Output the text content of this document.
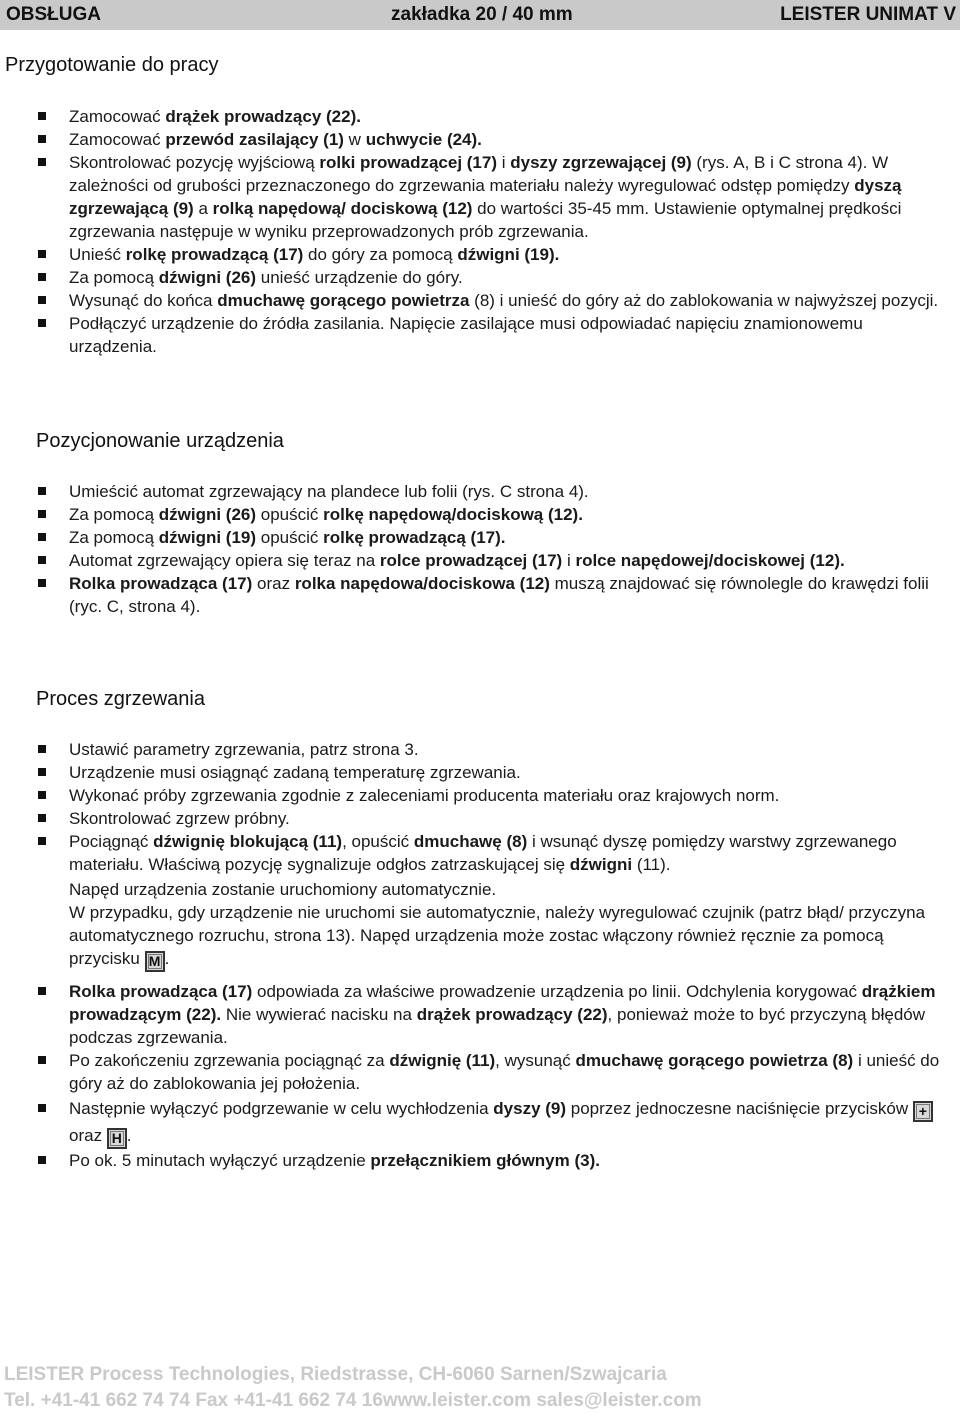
OBSŁUGA	zakładka 20 / 40 mm	LEISTER UNIMAT V
Przygotowanie do pracy
Zamocować drążek prowadzący (22).
Zamocować przewód zasilający (1) w uchwycie (24).
Skontrolować pozycję wyjściową rolki prowadzącej (17) i dyszy zgrzewającej (9) (rys. A, B i C strona 4). W zależności od grubości przeznaczonego do zgrzewania materiału należy wyregulować odstęp pomiędzy dyszą zgrzewającą (9) a rolką napędową/ dociskową (12) do wartości 35-45 mm. Ustawienie optymalnej prędkości zgrzewania następuje w wyniku przeprowadzonych prób zgrzewania.
Unieść rolkę prowadzącą (17) do góry za pomocą dźwigni (19).
Za pomocą dźwigni (26) unieść urządzenie do góry.
Wysunąć do końca dmuchawę gorącego powietrza (8) i unieść do góry aż do zablokowania w najwyższej pozycji.
Podłączyć urządzenie do źródła zasilania. Napięcie zasilające musi odpowiadać napięciu znamionowemu urządzenia.
Pozycjonowanie urządzenia
Umieścić automat zgrzewający na plandece lub folii (rys. C strona 4).
Za pomocą dźwigni (26) opuścić rolkę napędową/dociskową (12).
Za pomocą dźwigni (19) opuścić rolkę prowadzącą (17).
Automat zgrzewający opiera się teraz na rolce prowadzącej (17) i rolce napędowej/dociskowej (12).
Rolka prowadząca (17) oraz rolka napędowa/dociskowa (12) muszą znajdować się równolegle do krawędzi folii (ryc. C, strona 4).
Proces zgrzewania
Ustawić parametry zgrzewania, patrz strona 3.
Urządzenie musi osiągnąć zadaną temperaturę zgrzewania.
Wykonać próby zgrzewania zgodnie z zaleceniami producenta materiału oraz krajowych norm.
Skontrolować zgrzew próbny.
Pociągnąć dźwignię blokującą (11), opuścić dmuchawę (8) i wsunąć dyszę pomiędzy warstwy zgrzewanego materiału. Właściwą pozycję sygnalizuje odgłos zatrzaskującej się dźwigni (11).
Napęd urządzenia zostanie uruchomiony automatycznie.
W przypadku, gdy urządzenie nie uruchomi sie automatycznie, należy wyregulować czujnik (patrz błąd/ przyczyna automatycznego rozruchu, strona 13). Napęd urządzenia może zostac włączony również ręcznie za pomocą przycisku M .
Rolka prowadząca (17) odpowiada za właściwe prowadzenie urządzenia po linii. Odchylenia korygować drążkiem prowadzącym (22). Nie wywierać nacisku na drążek prowadzący (22), ponieważ może to być przyczyną błędów podczas zgrzewania.
Po zakończeniu zgrzewania pociągnąć za dźwignię (11), wysunąć dmuchawę gorącego powietrza (8) i unieść do góry aż do zablokowania jej położenia.
Następnie wyłączyć podgrzewanie w celu wychłodzenia dyszy (9) poprzez jednoczesne naciśnięcie przycisków + oraz H .
Po ok. 5 minutach wyłączyć urządzenie przełącznikiem głównym (3).
LEISTER Process Technologies, Riedstrasse, CH-6060 Sarnen/Szwajcaria
Tel. +41-41 662 74 74 Fax +41-41 662 74 16www.leister.com sales@leister.com
